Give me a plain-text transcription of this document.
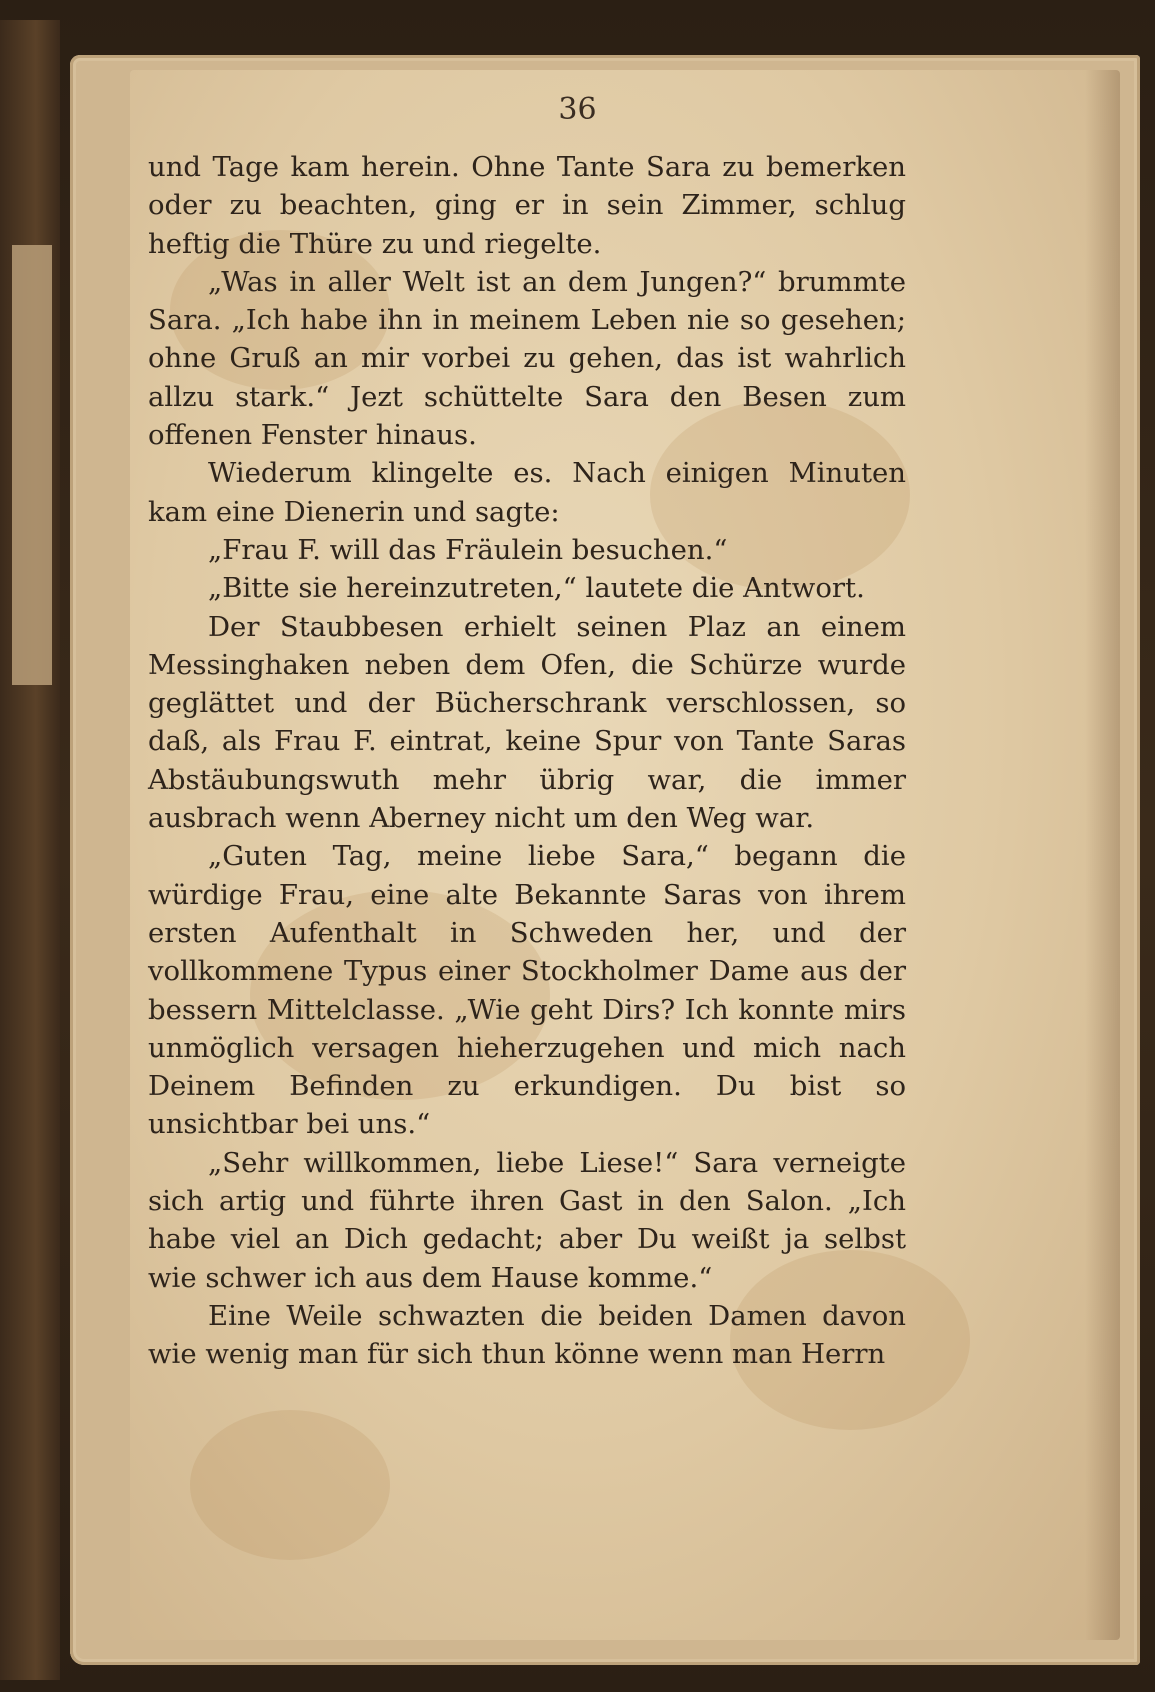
36

und Tage kam herein. Ohne Tante Sara zu bemerken oder zu beachten, ging er in sein Zimmer, schlug heftig die Thüre zu und riegelte.

„Was in aller Welt ist an dem Jungen?“ brummte Sara. „Ich habe ihn in meinem Leben nie so gesehen; ohne Gruß an mir vorbei zu gehen, das ist wahrlich allzu stark.“ Jezt schüttelte Sara den Besen zum offenen Fenster hinaus.

Wiederum klingelte es. Nach einigen Minuten kam eine Dienerin und sagte:

„Frau F. will das Fräulein besuchen.“

„Bitte sie hereinzutreten,“ lautete die Antwort.

Der Staubbesen erhielt seinen Plaz an einem Messinghaken neben dem Ofen, die Schürze wurde geglättet und der Bücherschrank verschlossen, so daß, als Frau F. eintrat, keine Spur von Tante Saras Abstäubungswuth mehr übrig war, die immer ausbrach wenn Aberney nicht um den Weg war.

„Guten Tag, meine liebe Sara,“ begann die würdige Frau, eine alte Bekannte Saras von ihrem ersten Aufenthalt in Schweden her, und der vollkommene Typus einer Stockholmer Dame aus der bessern Mittelclasse. „Wie geht Dirs? Ich konnte mirs unmöglich versagen hieherzugehen und mich nach Deinem Befinden zu erkundigen. Du bist so unsichtbar bei uns.“

„Sehr willkommen, liebe Liese!“ Sara verneigte sich artig und führte ihren Gast in den Salon. „Ich habe viel an Dich gedacht; aber Du weißt ja selbst wie schwer ich aus dem Hause komme.“

Eine Weile schwazten die beiden Damen davon wie wenig man für sich thun könne wenn man Herrn
